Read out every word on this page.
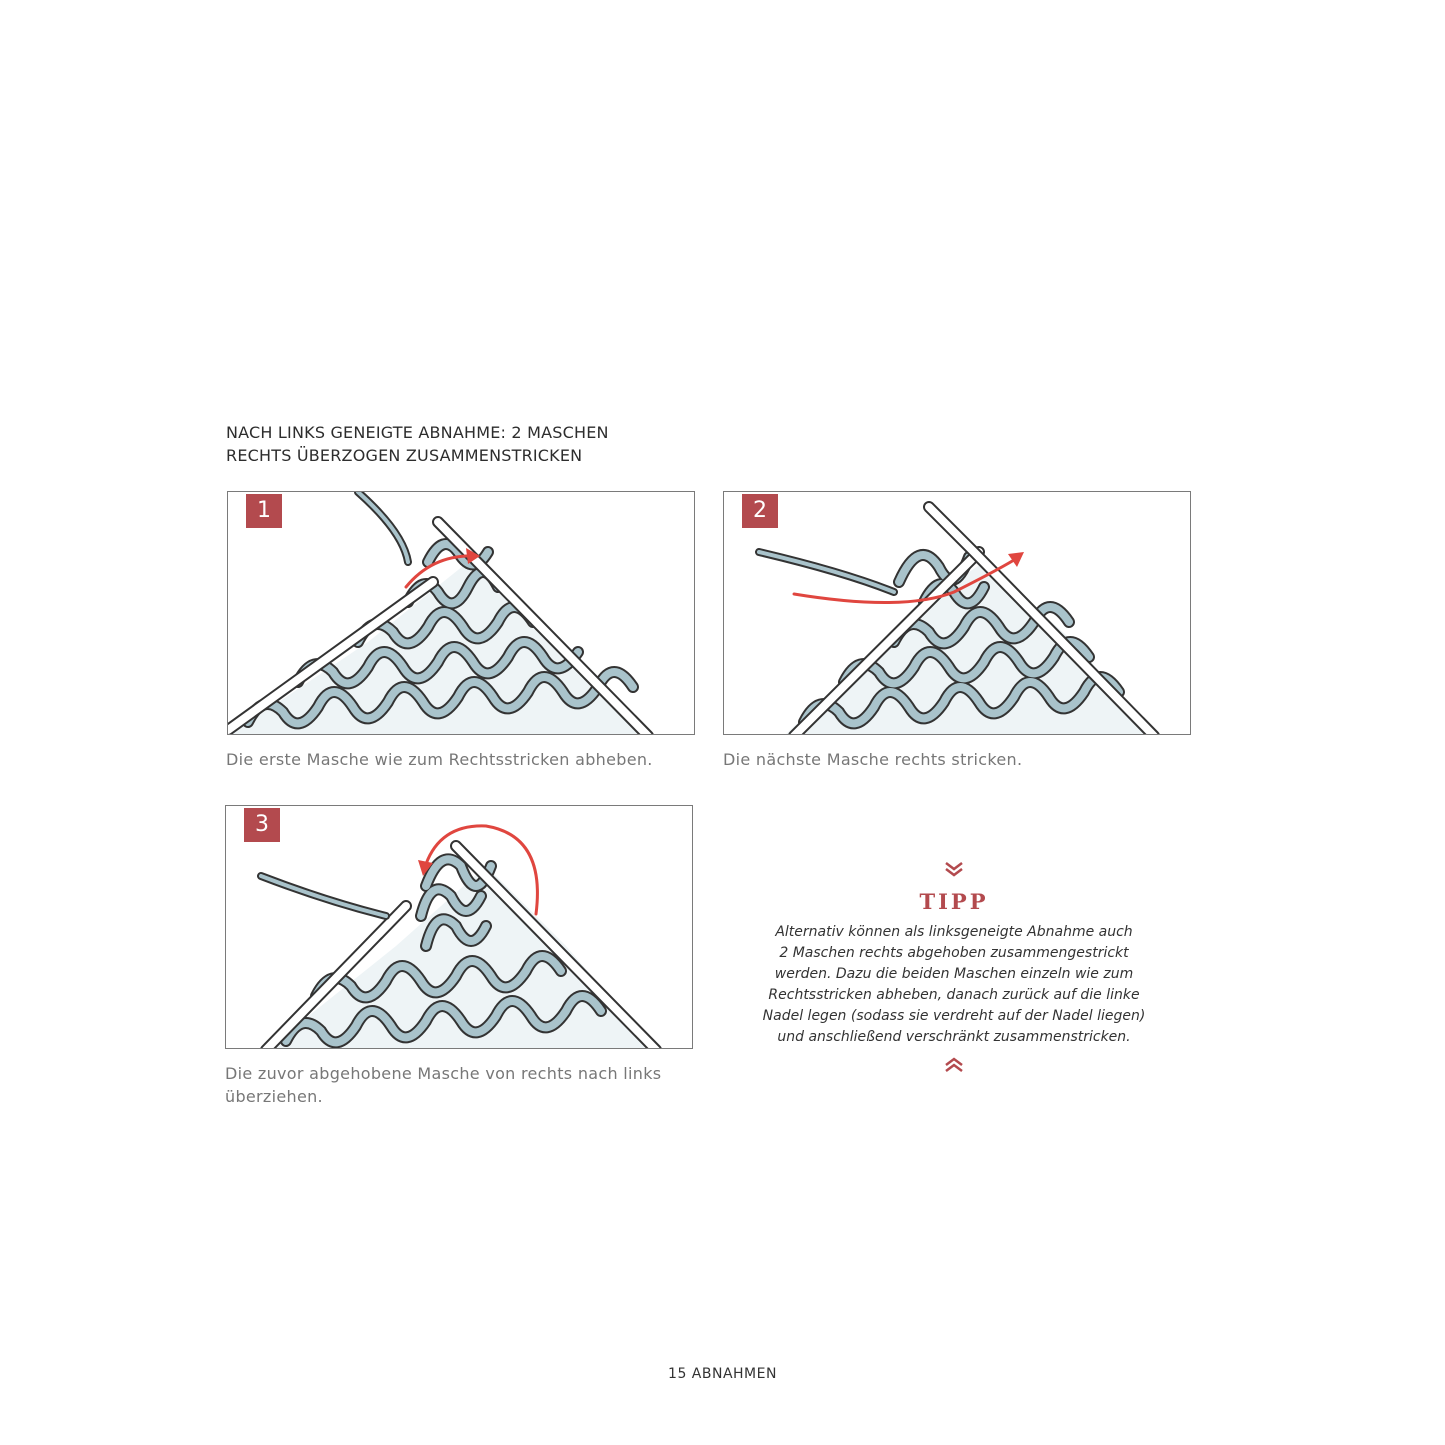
NACH LINKS GENEIGTE ABNAHME: 2 MASCHEN
RECHTS ÜBERZOGEN ZUSAMMENSTRICKEN
1
Die erste Masche wie zum Rechtsstricken abheben.
2
Die nächste Masche rechts stricken.
3
Die zuvor abgehobene Masche von rechts nach links
überziehen.
TIPP
Alternativ können als linksgeneigte Abnahme auch
2 Maschen rechts abgehoben zusammengestrickt
werden. Dazu die beiden Maschen einzeln wie zum
Rechtsstricken abheben, danach zurück auf die linke
Nadel legen (sodass sie verdreht auf der Nadel liegen)
und anschließend verschränkt zusammenstricken.
15 ABNAHMEN
